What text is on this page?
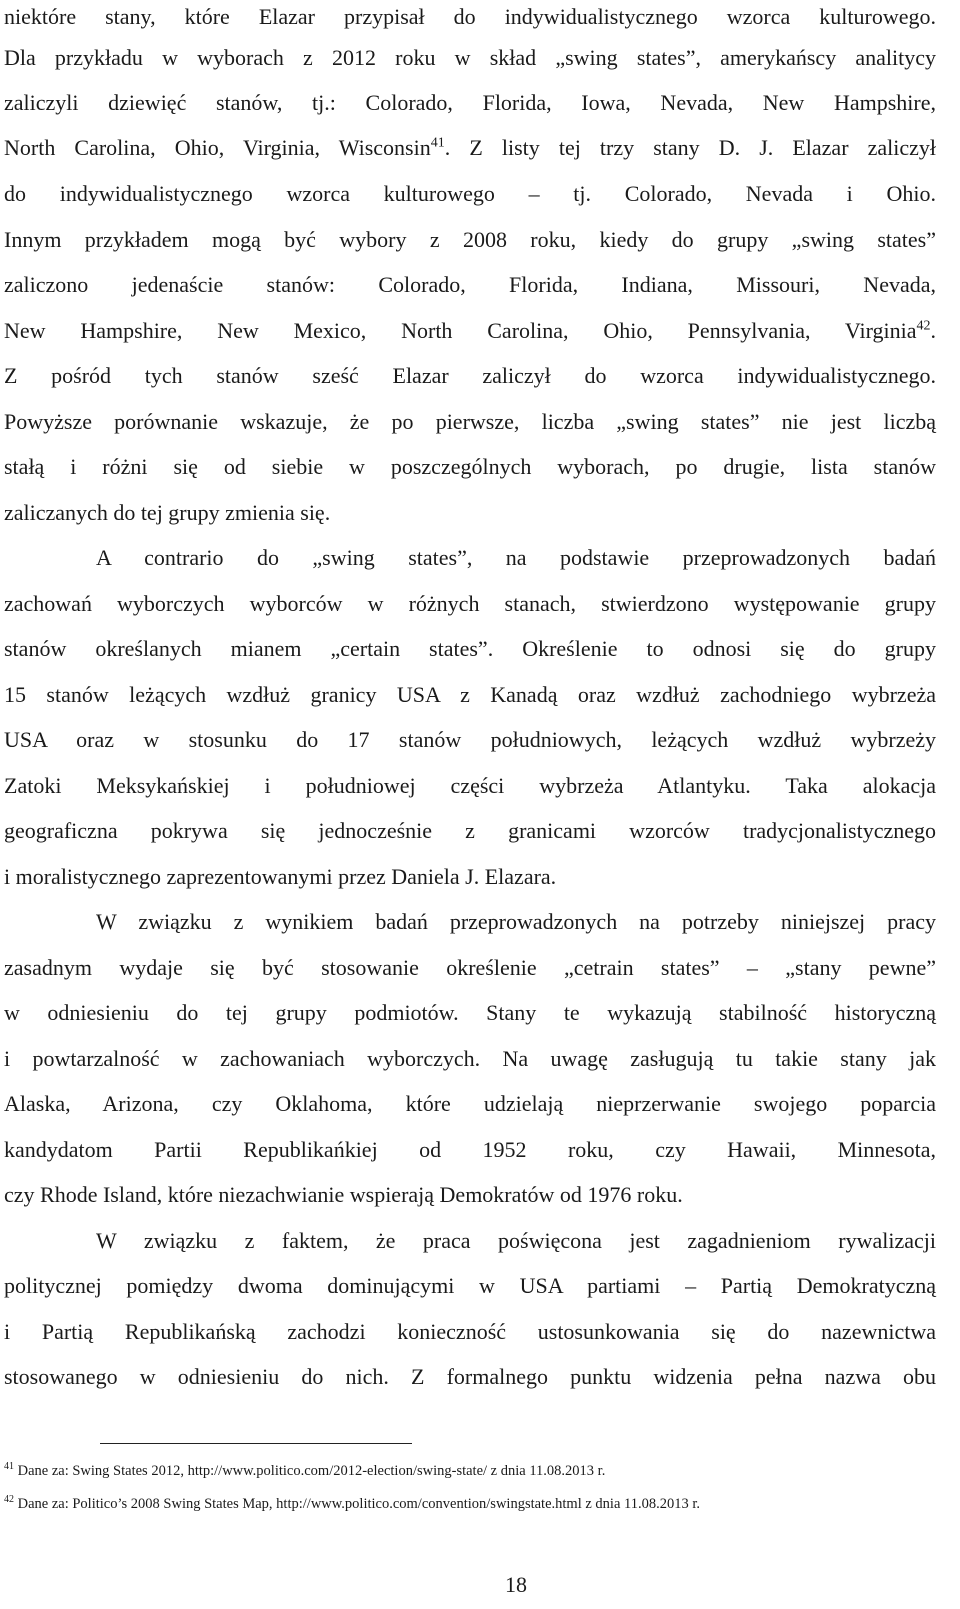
niektóre stany, które Elazar przypisał do indywidualistycznego wzorca kulturowego.
Dla przykładu w wyborach z 2012 roku w skład „swing states”, amerykańscy analitycy
zaliczyli dziewięć stanów, tj.: Colorado, Florida, Iowa, Nevada, New Hampshire,
North Carolina, Ohio, Virginia, Wisconsin$^{41}$. Z listy tej trzy stany D. J. Elazar zaliczył
do indywidualistycznego wzorca kulturowego – tj. Colorado, Nevada i Ohio.
Innym przykładem mogą być wybory z 2008 roku, kiedy do grupy „swing states”
zaliczono jedenaście stanów: Colorado, Florida, Indiana, Missouri, Nevada,
New Hampshire, New Mexico, North Carolina, Ohio, Pennsylvania, Virginia$^{42}$.
Z pośród tych stanów sześć Elazar zaliczył do wzorca indywidualistycznego.
Powyższe porównanie wskazuje, że po pierwsze, liczba „swing states” nie jest liczbą
stałą i różni się od siebie w poszczególnych wyborach, po drugie, lista stanów
zaliczanych do tej grupy zmienia się.
A contrario do „swing states”, na podstawie przeprowadzonych badań
zachowań wyborczych wyborców w różnych stanach, stwierdzono występowanie grupy
stanów określanych mianem „certain states”. Określenie to odnosi się do grupy
15 stanów leżących wzdłuż granicy USA z Kanadą oraz wzdłuż zachodniego wybrzeża
USA oraz w stosunku do 17 stanów południowych, leżących wzdłuż wybrzeży
Zatoki Meksykańskiej i południowej części wybrzeża Atlantyku. Taka alokacja
geograficzna pokrywa się jednocześnie z granicami wzorców tradycjonalistycznego
i moralistycznego zaprezentowanymi przez Daniela J. Elazara.
W związku z wynikiem badań przeprowadzonych na potrzeby niniejszej pracy
zasadnym wydaje się być stosowanie określenie „cetrain states” – „stany pewne”
w odniesieniu do tej grupy podmiotów. Stany te wykazują stabilność historyczną
i powtarzalność w zachowaniach wyborczych. Na uwagę zasługują tu takie stany jak
Alaska, Arizona, czy Oklahoma, które udzielają nieprzerwanie swojego poparcia
kandydatom Partii Republikańkiej od 1952 roku, czy Hawaii, Minnesota,
czy Rhode Island, które niezachwianie wspierają Demokratów od 1976 roku.
W związku z faktem, że praca poświęcona jest zagadnieniom rywalizacji
politycznej pomiędzy dwoma dominującymi w USA partiami – Partią Demokratyczną
i Partią Republikańską zachodzi konieczność ustosunkowania się do nazewnictwa
stosowanego w odniesieniu do nich. Z formalnego punktu widzenia pełna nazwa obu
$^{41}$ Dane za: Swing States 2012, http://www.politico.com/2012-election/swing-state/ z dnia 11.08.2013 r.
$^{42}$ Dane za: Politico’s 2008 Swing States Map, http://www.politico.com/convention/swingstate.html z dnia 11.08.2013 r.
18
